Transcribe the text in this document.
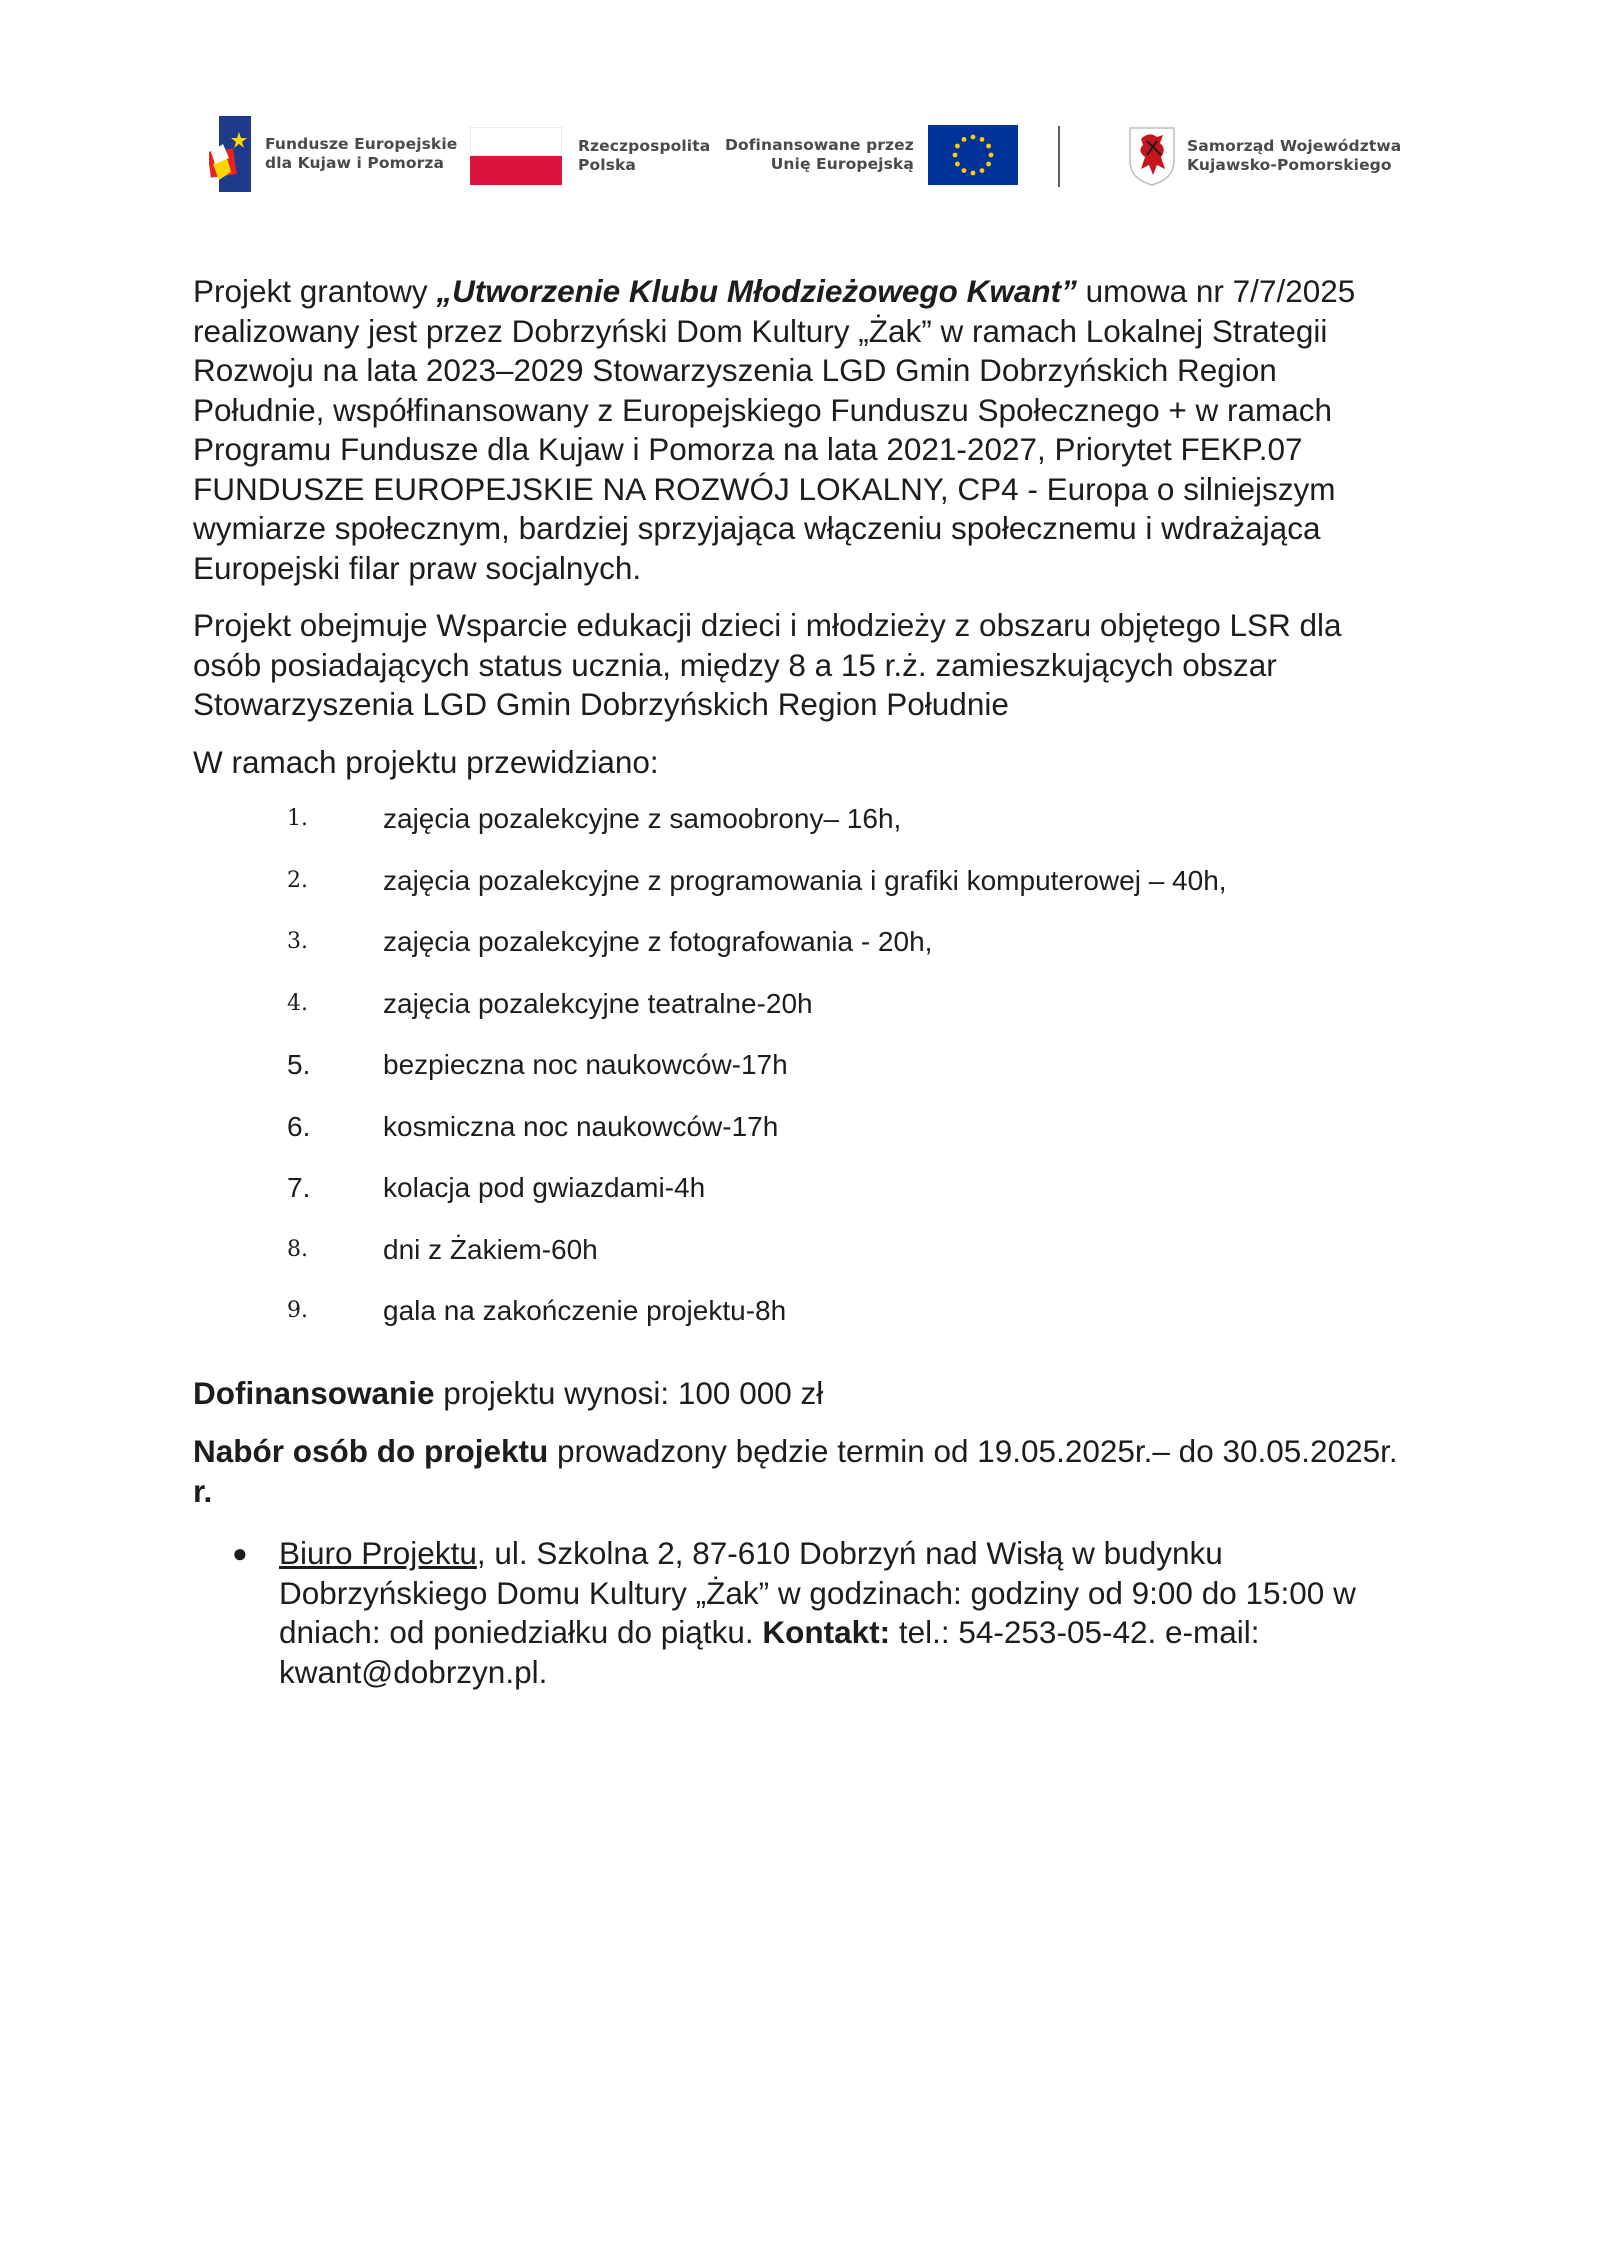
Fundusze Europejskie
dla Kujaw i Pomorza
Rzeczpospolita
Polska
Dofinansowane przez
Unię Europejską
Samorząd Województwa
Kujawsko-Pomorskiego

Projekt grantowy „Utworzenie Klubu Młodzieżowego Kwant” umowa nr 7/7/2025 realizowany jest przez Dobrzyński Dom Kultury „Żak” w ramach Lokalnej Strategii Rozwoju na lata 2023–2029 Stowarzyszenia LGD Gmin Dobrzyńskich Region Południe, współfinansowany z Europejskiego Funduszu Społecznego + w ramach Programu Fundusze dla Kujaw i Pomorza na lata 2021-2027, Priorytet FEKP.07 FUNDUSZE EUROPEJSKIE NA ROZWÓJ LOKALNY, CP4 - Europa o silniejszym wymiarze społecznym, bardziej sprzyjająca włączeniu społecznemu i wdrażająca Europejski filar praw socjalnych.

Projekt obejmuje Wsparcie edukacji dzieci i młodzieży z obszaru objętego LSR dla osób posiadających status ucznia, między 8 a 15 r.ż. zamieszkujących obszar Stowarzyszenia LGD Gmin Dobrzyńskich Region Południe

W ramach projektu przewidziano:

1.	zajęcia pozalekcyjne z samoobrony– 16h,
2.	zajęcia pozalekcyjne z programowania i grafiki komputerowej – 40h,
3.	zajęcia pozalekcyjne z fotografowania - 20h,
4.	zajęcia pozalekcyjne teatralne-20h
5.	bezpieczna noc naukowców-17h
6.	kosmiczna noc naukowców-17h
7.	kolacja pod gwiazdami-4h
8.	dni z Żakiem-60h
9.	gala na zakończenie projektu-8h

Dofinansowanie projektu wynosi: 100 000 zł

Nabór osób do projektu prowadzony będzie termin od 19.05.2025r.– do 30.05.2025r. r.

● Biuro Projektu, ul. Szkolna 2, 87-610 Dobrzyń nad Wisłą w budynku Dobrzyńskiego Domu Kultury „Żak” w godzinach: godziny od 9:00 do 15:00 w dniach: od poniedziałku do piątku. Kontakt: tel.: 54-253-05-42. e-mail: kwant@dobrzyn.pl.
